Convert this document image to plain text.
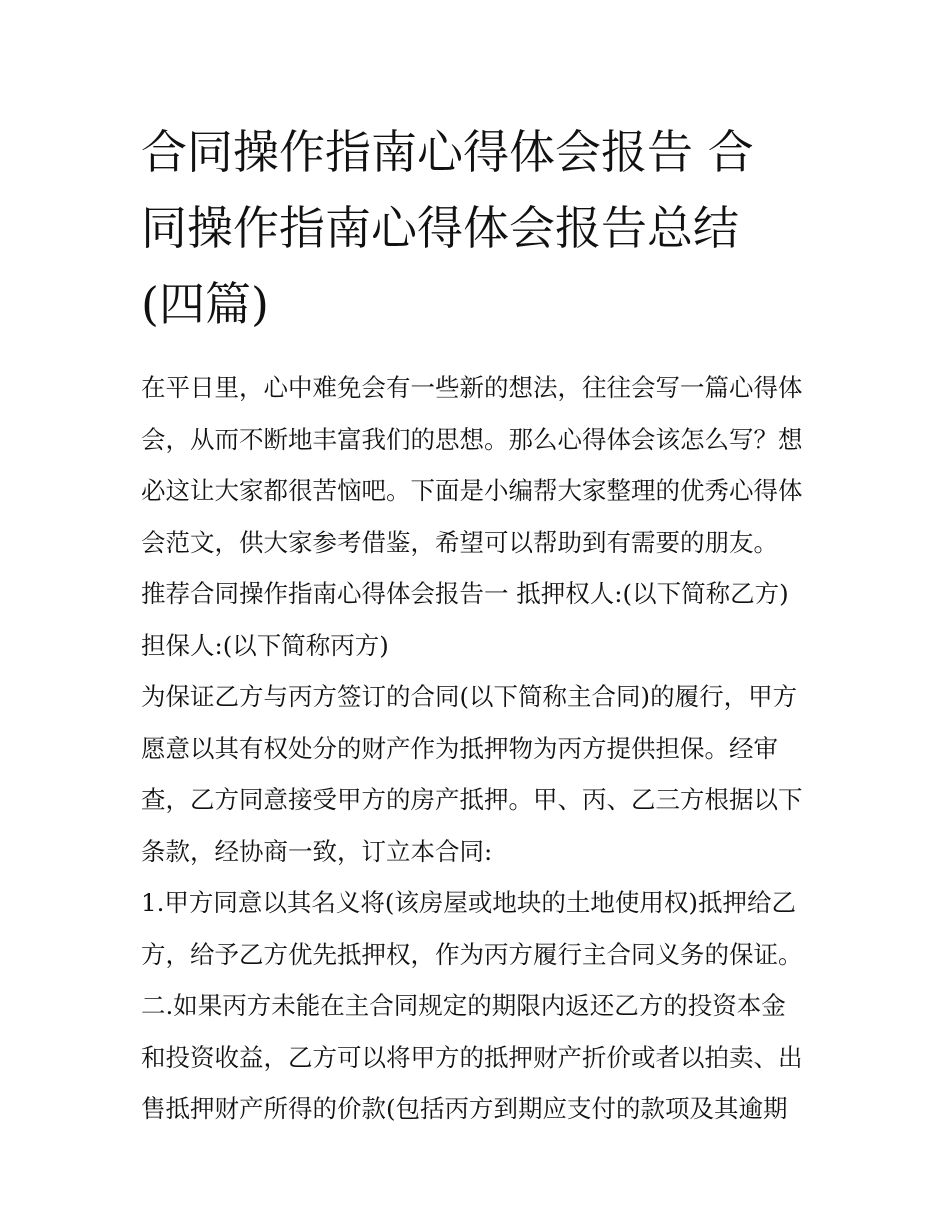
合同操作指南心得体会报告 合
同操作指南心得体会报告总结
(四篇)
在平日里，心中难免会有一些新的想法，往往会写一篇心得体
会，从而不断地丰富我们的思想。那么心得体会该怎么写？想
必这让大家都很苦恼吧。下面是小编帮大家整理的优秀心得体
会范文，供大家参考借鉴，希望可以帮助到有需要的朋友。
推荐合同操作指南心得体会报告一 抵押权人:(以下简称乙方)
担保人:(以下简称丙方)
为保证乙方与丙方签订的合同(以下简称主合同)的履行，甲方
愿意以其有权处分的财产作为抵押物为丙方提供担保。经审
查，乙方同意接受甲方的房产抵押。甲、丙、乙三方根据以下
条款，经协商一致，订立本合同:
1.甲方同意以其名义将(该房屋或地块的土地使用权)抵押给乙
方，给予乙方优先抵押权，作为丙方履行主合同义务的保证。
二.如果丙方未能在主合同规定的期限内返还乙方的投资本金
和投资收益，乙方可以将甲方的抵押财产折价或者以拍卖、出
售抵押财产所得的价款(包括丙方到期应支付的款项及其逾期
